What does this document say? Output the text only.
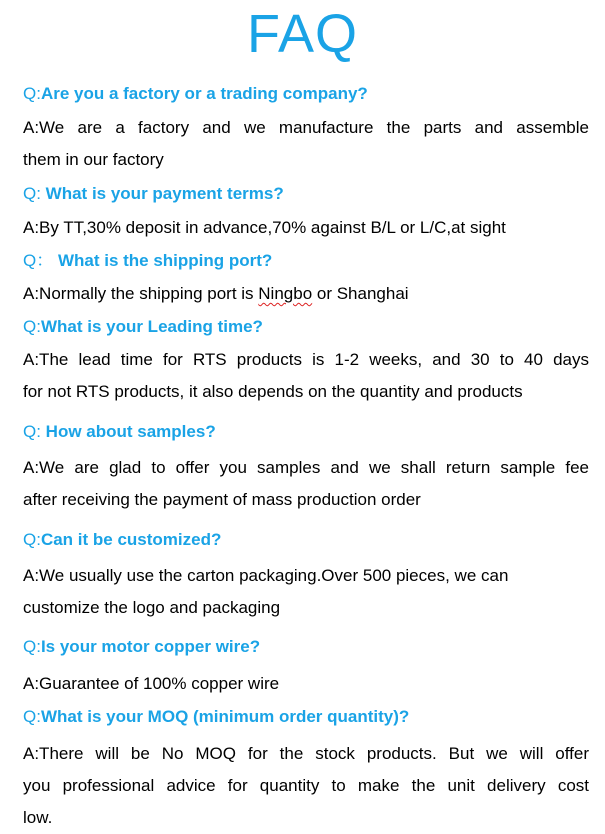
FAQ
Q:Are you a factory or a trading company?
A:We are a factory and we manufacture the parts and assemble
them in our factory
Q: What is your payment terms?
A:By TT,30% deposit in advance,70% against B/L or L/C,at sight
Q： What is the shipping port?
A:Normally the shipping port is Ningbo or Shanghai
Q:What is your Leading time?
A:The lead time for RTS products is 1-2 weeks, and 30 to 40 days
for not RTS products, it also depends on the quantity and products
Q: How about samples?
A:We are glad to offer you samples and we shall return sample fee
after receiving the payment of mass production order
Q:Can it be customized?
A:We usually use the carton packaging.Over 500 pieces, we can
customize the logo and packaging
Q:Is your motor copper wire?
A:Guarantee of 100% copper wire
Q:What is your MOQ (minimum order quantity)?
A:There will be No MOQ for the stock products. But we will offer
you professional advice for quantity to make the unit delivery cost
low.
